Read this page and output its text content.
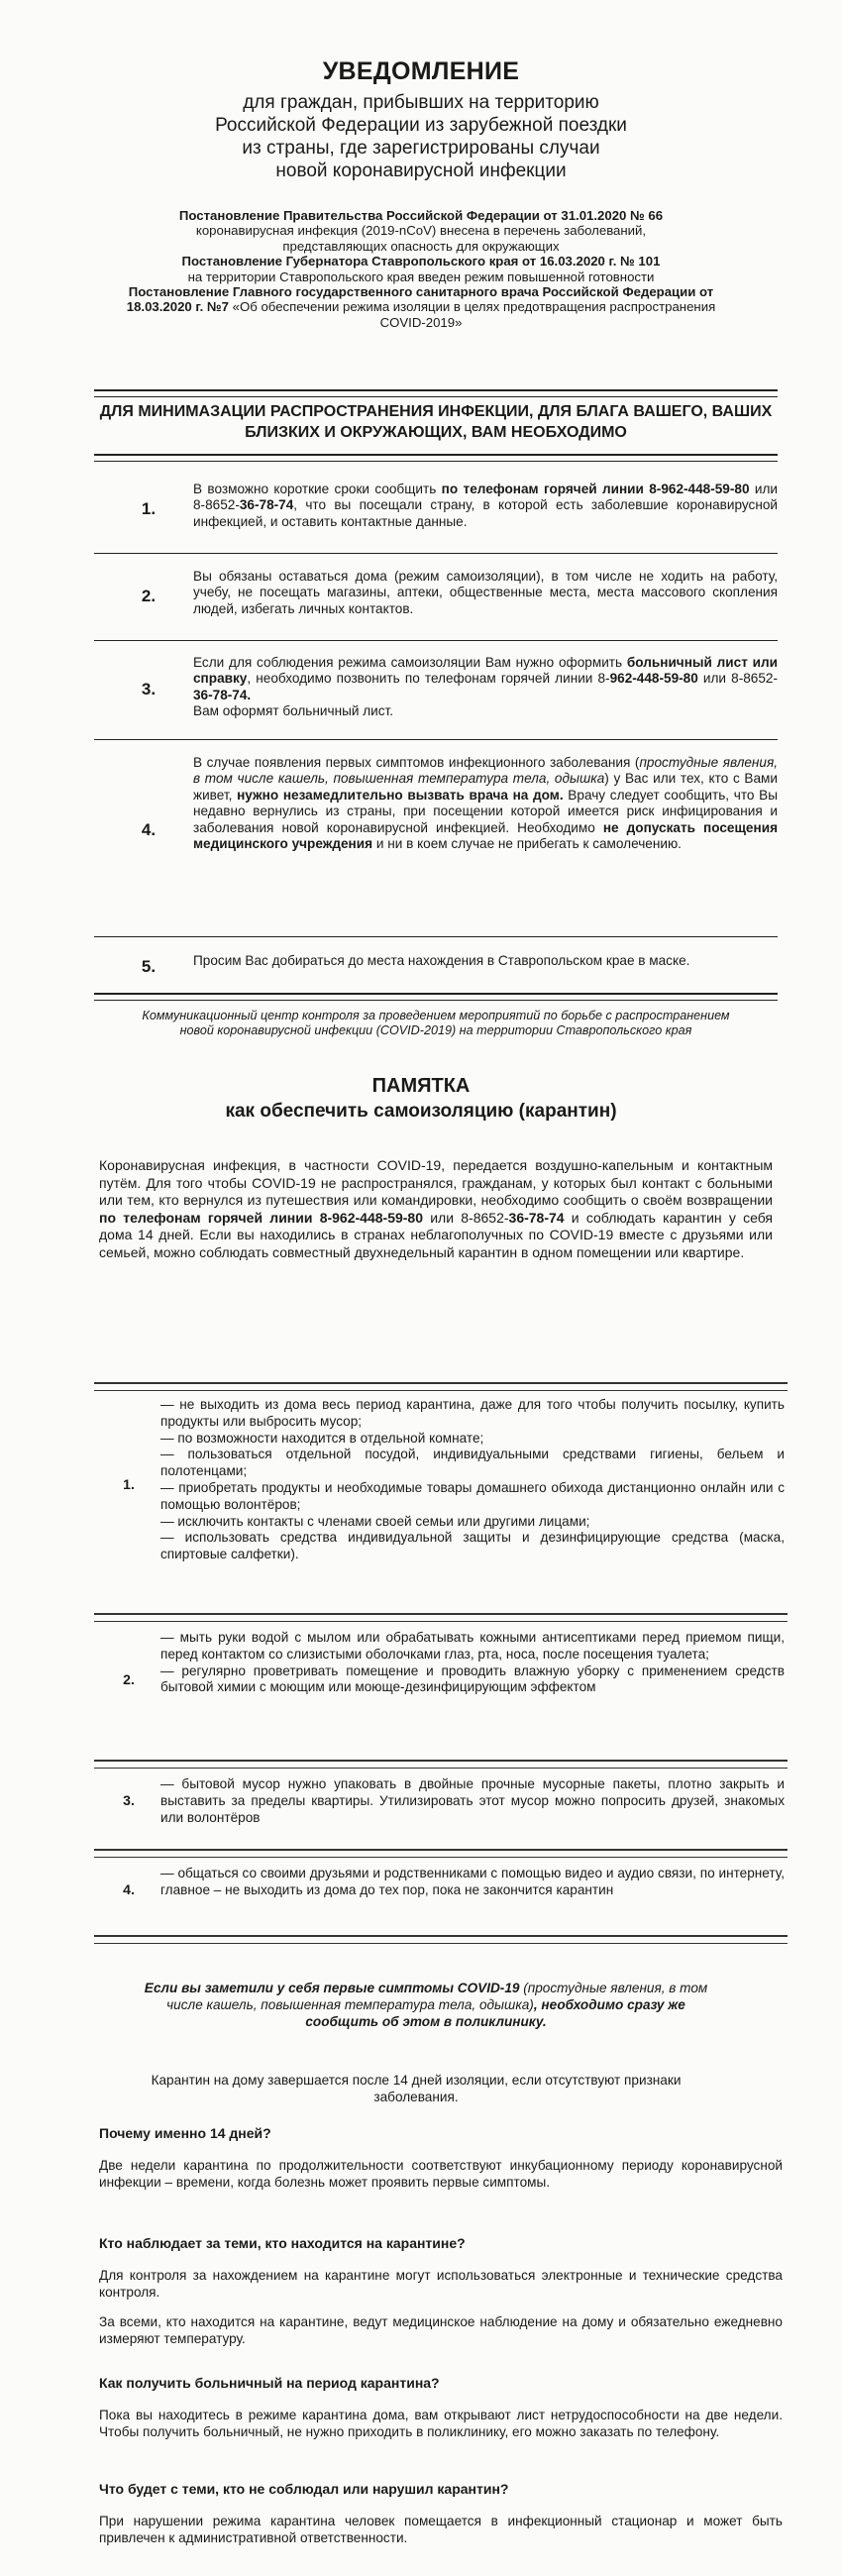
УВЕДОМЛЕНИЕ
для граждан, прибывших на территорию
Российской Федерации из зарубежной поездки
из страны, где зарегистрированы случаи
новой коронавирусной инфекции
Постановление Правительства Российской Федерации от 31.01.2020 № 66
коронавирусная инфекция (2019-nCoV) внесена в перечень заболеваний,
представляющих опасность для окружающих
Постановление Губернатора Ставропольского края от 16.03.2020 г. № 101
на территории Ставропольского края введен режим повышенной готовности
Постановление Главного государственного санитарного врача Российской Федерации от 18.03.2020 г. №7 «Об обеспечении режима изоляции в целях предотвращения распространения COVID-2019»
ДЛЯ МИНИМАЗАЦИИ РАСПРОСТРАНЕНИЯ ИНФЕКЦИИ, ДЛЯ БЛАГА ВАШЕГО, ВАШИХ БЛИЗКИХ И ОКРУЖАЮЩИХ, ВАМ НЕОБХОДИМО
1.
В возможно короткие сроки сообщить по телефонам горячей линии 8-962-448-59-80 или 8-8652-36-78-74, что вы посещали страну, в которой есть заболевшие коронавирусной инфекцией, и оставить контактные данные.
2.
Вы обязаны оставаться дома (режим самоизоляции), в том числе не ходить на работу, учебу, не посещать магазины, аптеки, общественные места, места массового скопления людей, избегать личных контактов.
3.
Если для соблюдения режима самоизоляции Вам нужно оформить больничный лист или справку, необходимо позвонить по телефонам горячей линии 8-962-448-59-80 или 8-8652-36-78-74.
Вам оформят больничный лист.
4.
В случае появления первых симптомов инфекционного заболевания (простудные явления, в том числе кашель, повышенная температура тела, одышка) у Вас или тех, кто с Вами живет, нужно незамедлительно вызвать врача на дом. Врачу следует сообщить, что Вы недавно вернулись из страны, при посещении которой имеется риск инфицирования и заболевания новой коронавирусной инфекцией. Необходимо не допускать посещения медицинского учреждения и ни в коем случае не прибегать к самолечению.
5.	Просим Вас добираться до места нахождения в Ставропольском крае в маске.
Коммуникационный центр контроля за проведением мероприятий по борьбе с распространением новой коронавирусной инфекции (COVID-2019) на территории Ставропольского края
ПАМЯТКА
как обеспечить самоизоляцию (карантин)
Коронавирусная инфекция, в частности COVID-19, передается воздушно-капельным и контактным путём. Для того чтобы COVID-19 не распространялся, гражданам, у которых был контакт с больными или тем, кто вернулся из путешествия или командировки, необходимо сообщить о своём возвращении по телефонам горячей линии 8-962-448-59-80 или 8-8652-36-78-74 и соблюдать карантин у себя дома 14 дней. Если вы находились в странах неблагополучных по COVID-19 вместе с друзьями или семьей, можно соблюдать совместный двухнедельный карантин в одном помещении или квартире.
1.
— не выходить из дома весь период карантина, даже для того чтобы получить посылку, купить продукты или выбросить мусор;
— по возможности находится в отдельной комнате;
— пользоваться отдельной посудой, индивидуальными средствами гигиены, бельем и полотенцами;
— приобретать продукты и необходимые товары домашнего обихода дистанционно онлайн или с помощью волонтёров;
— исключить контакты с членами своей семьи или другими лицами;
— использовать средства индивидуальной защиты и дезинфицирующие средства (маска, спиртовые салфетки).
2.
— мыть руки водой с мылом или обрабатывать кожными антисептиками перед приемом пищи, перед контактом со слизистыми оболочками глаз, рта, носа, после посещения туалета;
— регулярно проветривать помещение и проводить влажную уборку с применением средств бытовой химии с моющим или моюще-дезинфицирующим эффектом
3.
— бытовой мусор нужно упаковать в двойные прочные мусорные пакеты, плотно закрыть и выставить за пределы квартиры. Утилизировать этот мусор можно попросить друзей, знакомых или волонтёров
4.
— общаться со своими друзьями и родственниками с помощью видео и аудио связи, по интернету, главное – не выходить из дома до тех пор, пока не закончится карантин
Если вы заметили у себя первые симптомы COVID-19 (простудные явления, в том числе кашель, повышенная температура тела, одышка), необходимо сразу же сообщить об этом в поликлинику.
Карантин на дому завершается после 14 дней изоляции, если отсутствуют признаки заболевания.
Почему именно 14 дней?
Две недели карантина по продолжительности соответствуют инкубационному периоду коронавирусной инфекции – времени, когда болезнь может проявить первые симптомы.
Кто наблюдает за теми, кто находится на карантине?
Для контроля за нахождением на карантине могут использоваться электронные и технические средства контроля.
За всеми, кто находится на карантине, ведут медицинское наблюдение на дому и обязательно ежедневно измеряют температуру.
Как получить больничный на период карантина?
Пока вы находитесь в режиме карантина дома, вам открывают лист нетрудоспособности на две недели. Чтобы получить больничный, не нужно приходить в поликлинику, его можно заказать по телефону.
Что будет с теми, кто не соблюдал или нарушил карантин?
При нарушении режима карантина человек помещается в инфекционный стационар и может быть привлечен к административной ответственности.
